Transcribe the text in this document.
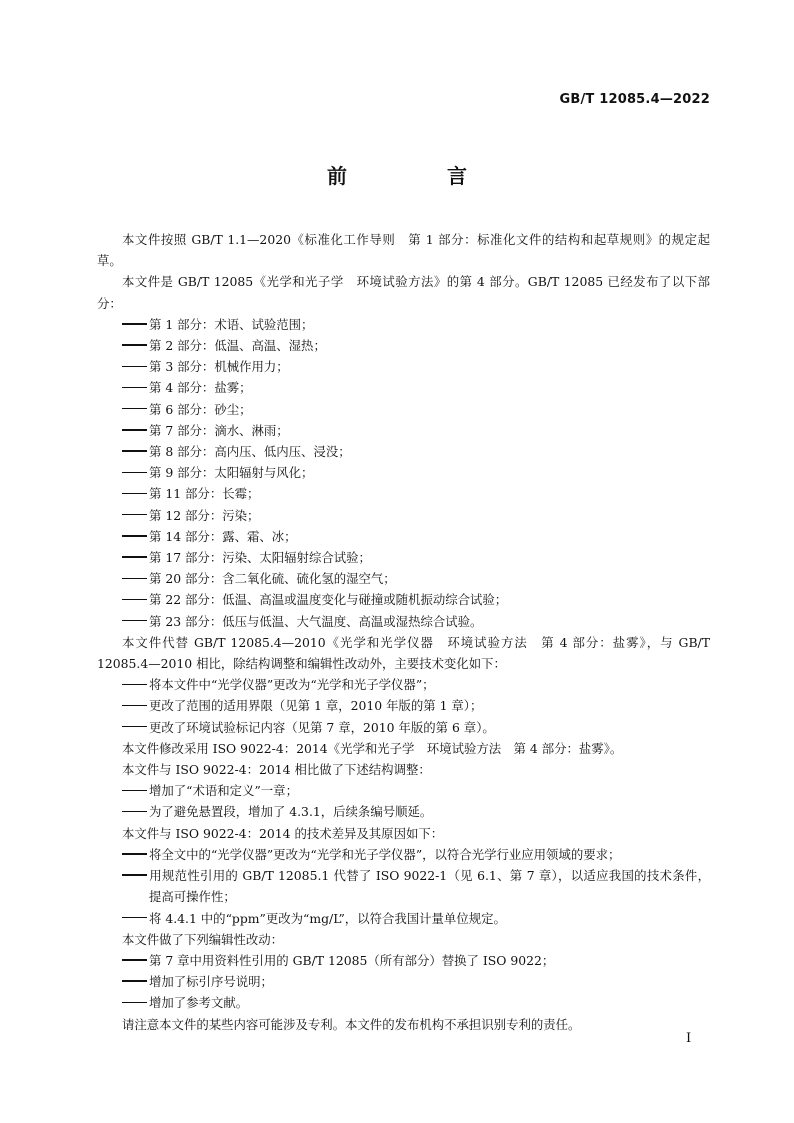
GB/T 12085.4—2022
前　言

本文件按照 GB/T 1.1—2020《标准化工作导则　第 1 部分：标准化文件的结构和起草规则》的规定起草。

本文件是 GB/T 12085《光学和光子学　环境试验方法》的第 4 部分。GB/T 12085 已经发布了以下部分：

第 1 部分：术语、试验范围；

第 2 部分：低温、高温、湿热；

第 3 部分：机械作用力；

第 4 部分：盐雾；

第 6 部分：砂尘；

第 7 部分：滴水、淋雨；

第 8 部分：高内压、低内压、浸没；

第 9 部分：太阳辐射与风化；

第 11 部分：长霉；

第 12 部分：污染；

第 14 部分：露、霜、冰；

第 17 部分：污染、太阳辐射综合试验；

第 20 部分：含二氧化硫、硫化氢的湿空气；

第 22 部分：低温、高温或温度变化与碰撞或随机振动综合试验；

第 23 部分：低压与低温、大气温度、高温或湿热综合试验。

本文件代替 GB/T 12085.4—2010《光学和光学仪器　环境试验方法　第 4 部分：盐雾》，与 GB/T 12085.4—2010 相比，除结构调整和编辑性改动外，主要技术变化如下：

将本文件中“光学仪器”更改为“光学和光子学仪器”；

更改了范围的适用界限（见第 1 章，2010 年版的第 1 章）；

更改了环境试验标记内容（见第 7 章，2010 年版的第 6 章）。

本文件修改采用 ISO 9022-4：2014《光学和光子学　环境试验方法　第 4 部分：盐雾》。

本文件与 ISO 9022-4：2014 相比做了下述结构调整：

增加了“术语和定义”一章；

为了避免悬置段，增加了 4.3.1，后续条编号顺延。

本文件与 ISO 9022-4：2014 的技术差异及其原因如下：

将全文中的“光学仪器”更改为“光学和光子学仪器”，以符合光学行业应用领域的要求；

用规范性引用的 GB/T 12085.1 代替了 ISO 9022-1（见 6.1、第 7 章），以适应我国的技术条件，提高可操作性；

将 4.4.1 中的“ppm”更改为“mg/L”，以符合我国计量单位规定。

本文件做了下列编辑性改动：

第 7 章中用资料性引用的 GB/T 12085（所有部分）替换了 ISO 9022；

增加了标引序号说明；

增加了参考文献。

请注意本文件的某些内容可能涉及专利。本文件的发布机构不承担识别专利的责任。

I
